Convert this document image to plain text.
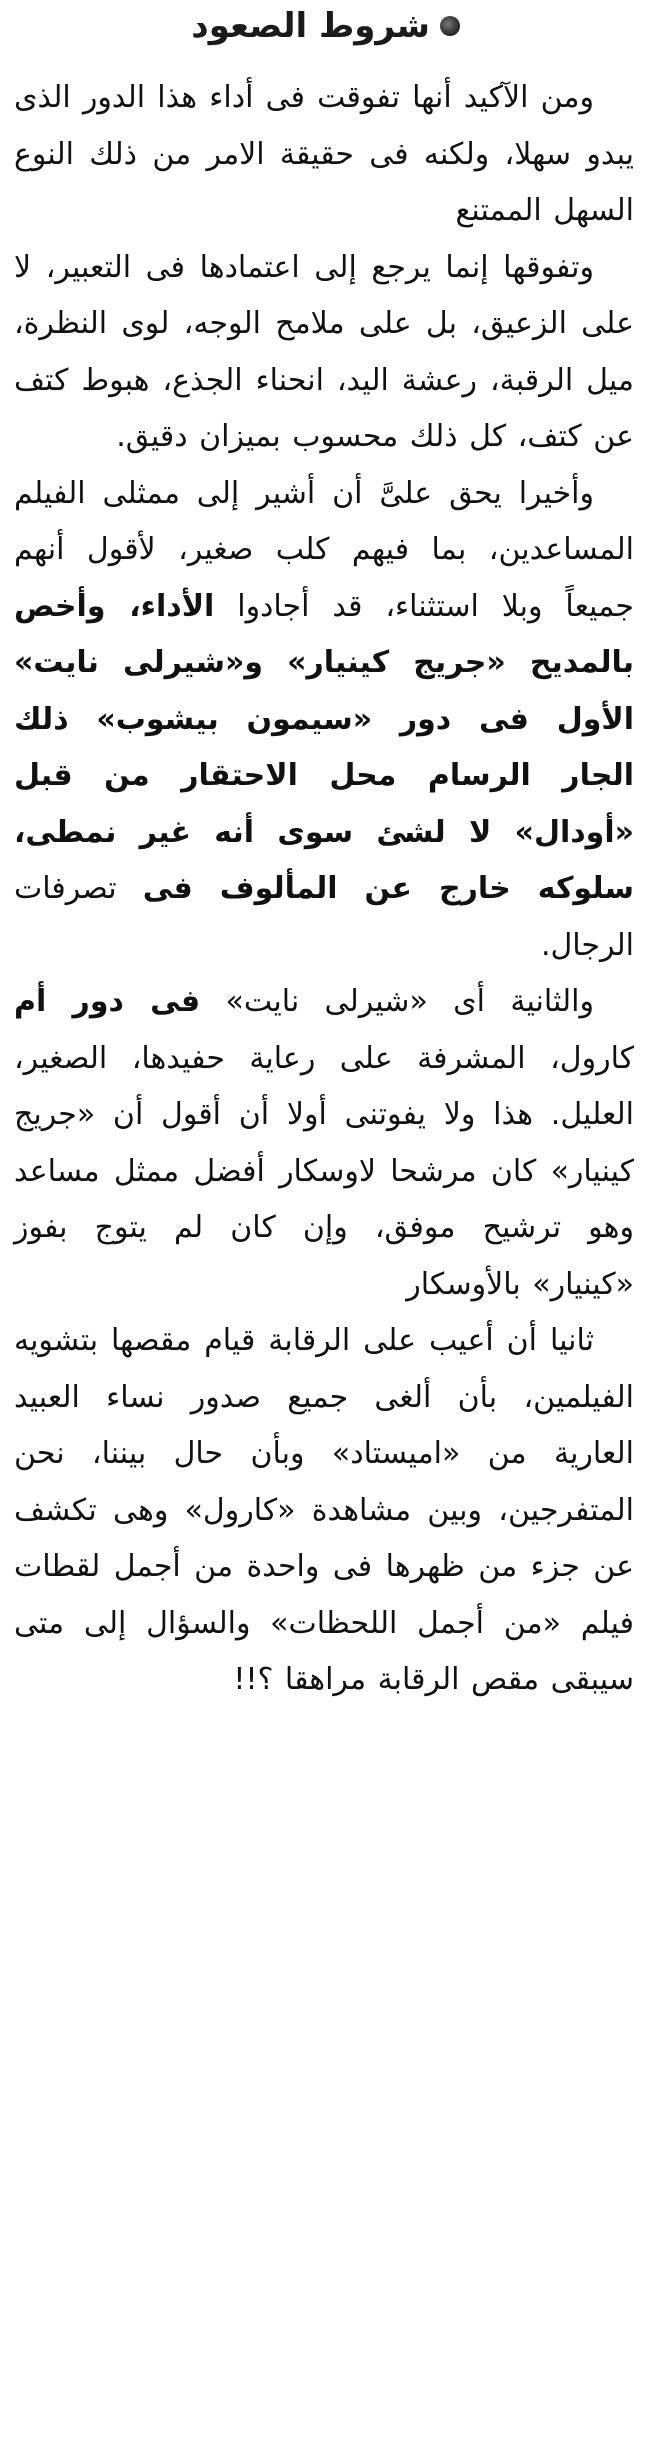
شروط الصعود

ومن الآكيد أنها تفوقت فى أداء هذا الدور الذى يبدو سهلا، ولكنه فى حقيقة الامر من ذلك النوع السهل الممتنع

وتفوقها إنما يرجع إلى اعتمادها فى التعبير، لا على الزعيق، بل على ملامح الوجه، لوى النظرة، ميل الرقبة، رعشة اليد، انحناء الجذع، هبوط كتف عن كتف، كل ذلك محسوب بميزان دقيق.

وأخيرا يحق علىَّ أن أشير إلى ممثلى الفيلم المساعدين، بما فيهم كلب صغير، لأقول أنهم جميعاً وبلا استثناء، قد أجادوا الأداء، وأخص بالمديح «جريج كينيار» و«شيرلى نايت» الأول فى دور «سيمون بيشوب» ذلك الجار الرسام محل الاحتقار من قبل «أودال» لا لشئ سوى أنه غير نمطى، سلوكه خارج عن المألوف فى تصرفات الرجال.

والثانية أى «شيرلى نايت» فى دور أم كارول، المشرفة على رعاية حفيدها، الصغير، العليل. هذا ولا يفوتنى أولا أن أقول أن «جريج كينيار» كان مرشحا لاوسكار أفضل ممثل مساعد وهو ترشيح موفق، وإن كان لم يتوج بفوز «كينيار» بالأوسكار

ثانيا أن أعيب على الرقابة قيام مقصها بتشويه الفيلمين، بأن ألغى جميع صدور نساء العبيد العارية من «اميستاد» وبأن حال بيننا، نحن المتفرجين، وبين مشاهدة «كارول» وهى تكشف عن جزء من ظهرها فى واحدة من أجمل لقطات فيلم «من أجمل اللحظات» والسؤال إلى متى سيبقى مقص الرقابة مراهقا ؟!!
